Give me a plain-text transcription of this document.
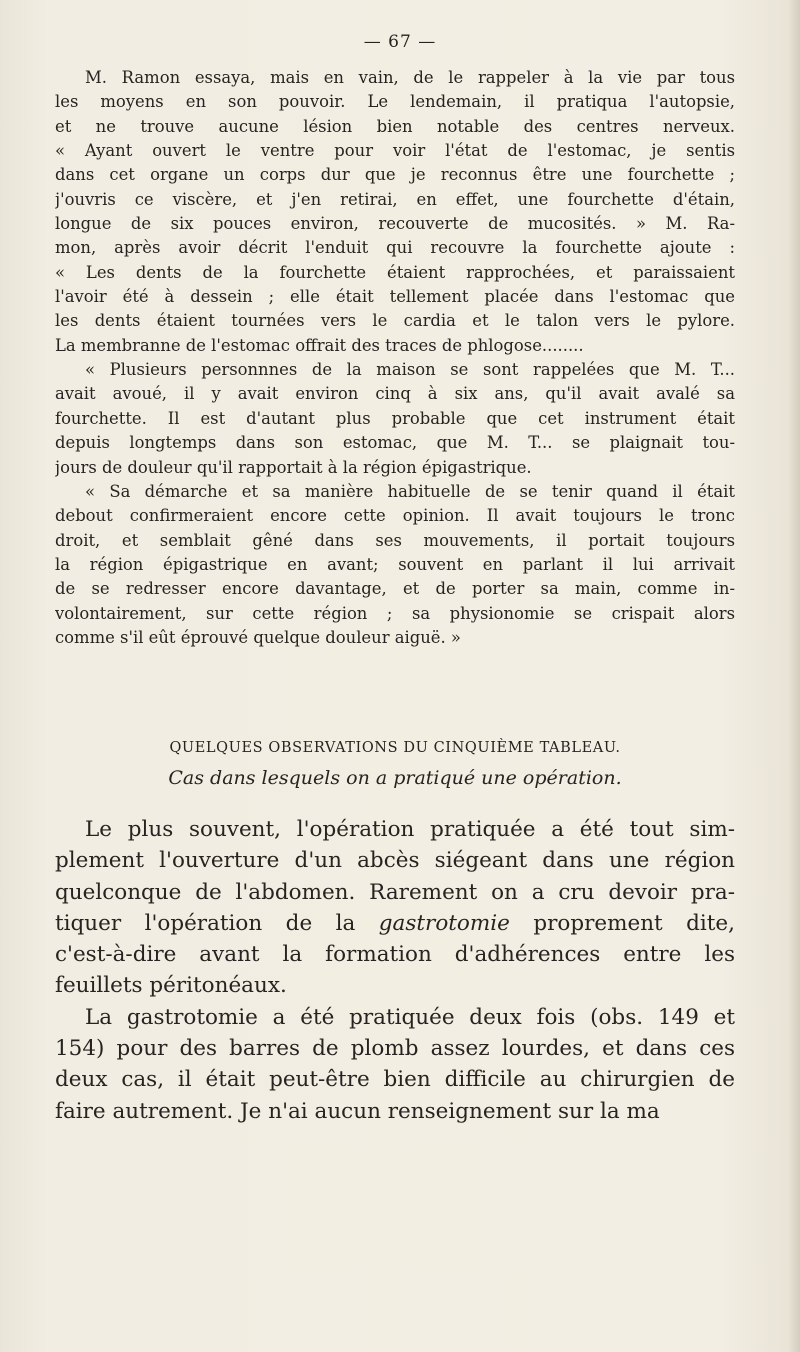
— 67 —
M. Ramon essaya, mais en vain, de le rappeler à la vie par tous
les moyens en son pouvoir. Le lendemain, il pratiqua l'autopsie,
et ne trouve aucune lésion bien notable des centres nerveux.
« Ayant ouvert le ventre pour voir l'état de l'estomac, je sentis
dans cet organe un corps dur que je reconnus être une fourchette ;
j'ouvris ce viscère, et j'en retirai, en effet, une fourchette d'étain,
longue de six pouces environ, recouverte de mucosités. » M. Ra-
mon, après avoir décrit l'enduit qui recouvre la fourchette ajoute :
« Les dents de la fourchette étaient rapprochées, et paraissaient
l'avoir été à dessein ; elle était tellement placée dans l'estomac que
les dents étaient tournées vers le cardia et le talon vers le pylore.
La membranne de l'estomac offrait des traces de phlogose........
« Plusieurs personnnes de la maison se sont rappelées que M. T...
avait avoué, il y avait environ cinq à six ans, qu'il avait avalé sa
fourchette. Il est d'autant plus probable que cet instrument était
depuis longtemps dans son estomac, que M. T... se plaignait tou-
jours de douleur qu'il rapportait à la région épigastrique.
« Sa démarche et sa manière habituelle de se tenir quand il était
debout confirmeraient encore cette opinion. Il avait toujours le tronc
droit, et semblait gêné dans ses mouvements, il portait toujours
la région épigastrique en avant; souvent en parlant il lui arrivait
de se redresser encore davantage, et de porter sa main, comme in-
volontairement, sur cette région ; sa physionomie se crispait alors
comme s'il eût éprouvé quelque douleur aiguë. »
QUELQUES OBSERVATIONS DU CINQUIÈME TABLEAU.
Cas dans lesquels on a pratiqué une opération.
Le plus souvent, l'opération pratiquée a été tout sim-
plement l'ouverture d'un abcès siégeant dans une région
quelconque de l'abdomen. Rarement on a cru devoir pra-
tiquer l'opération de la gastrotomie proprement dite,
c'est-à-dire avant la formation d'adhérences entre les
feuillets péritonéaux.
La gastrotomie a été pratiquée deux fois (obs. 149 et
154) pour des barres de plomb assez lourdes, et dans ces
deux cas, il était peut-être bien difficile au chirurgien de
faire autrement. Je n'ai aucun renseignement sur la ma
